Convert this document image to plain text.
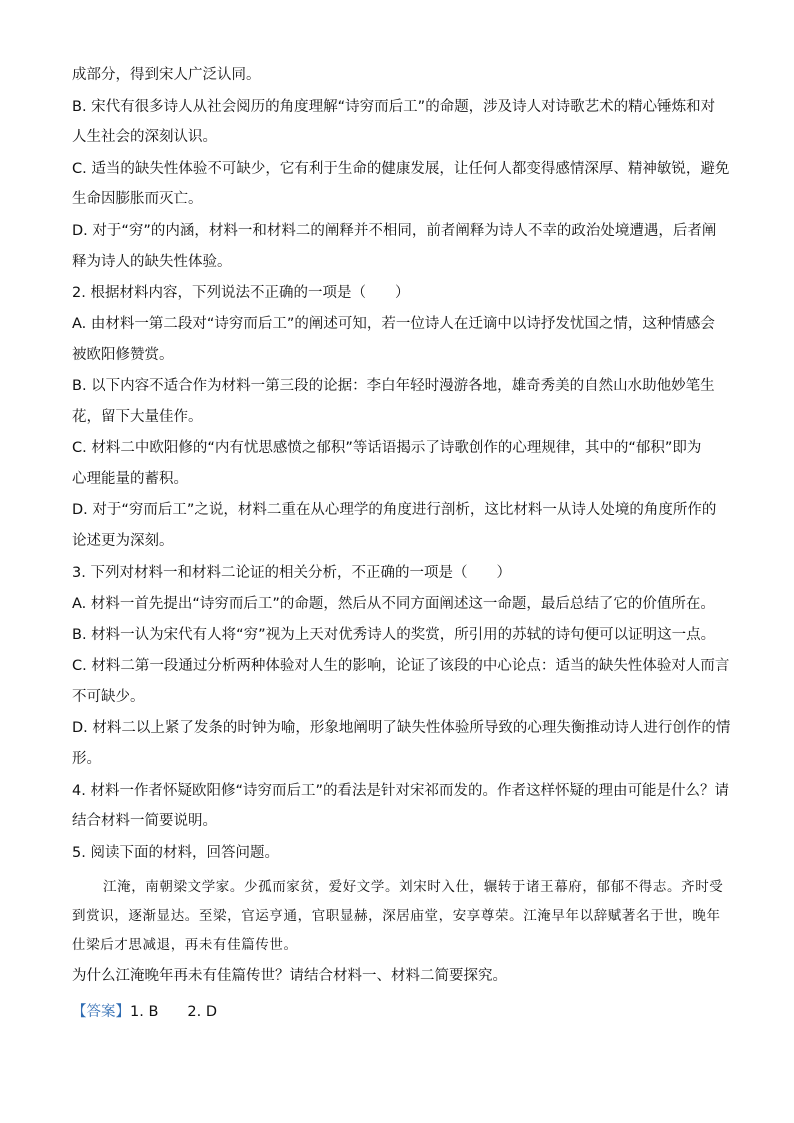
成部分，得到宋人广泛认同。
B. 宋代有很多诗人从社会阅历的角度理解“诗穷而后工”的命题，涉及诗人对诗歌艺术的精心锤炼和对
人生社会的深刻认识。
C. 适当的缺失性体验不可缺少，它有利于生命的健康发展，让任何人都变得感情深厚、精神敏锐，避免
生命因膨胀而灭亡。
D. 对于“穷”的内涵，材料一和材料二的阐释并不相同，前者阐释为诗人不幸的政治处境遭遇，后者阐
释为诗人的缺失性体验。
2. 根据材料内容，下列说法不正确的一项是（　　）
A. 由材料一第二段对“诗穷而后工”的阐述可知，若一位诗人在迁谪中以诗抒发忧国之情，这种情感会
被欧阳修赞赏。
B. 以下内容不适合作为材料一第三段的论据：李白年轻时漫游各地，雄奇秀美的自然山水助他妙笔生
花，留下大量佳作。
C. 材料二中欧阳修的“内有忧思感愤之郁积”等话语揭示了诗歌创作的心理规律，其中的“郁积”即为
心理能量的蓄积。
D. 对于“穷而后工”之说，材料二重在从心理学的角度进行剖析，这比材料一从诗人处境的角度所作的
论述更为深刻。
3. 下列对材料一和材料二论证的相关分析，不正确的一项是（　　）
A. 材料一首先提出“诗穷而后工”的命题，然后从不同方面阐述这一命题，最后总结了它的价值所在。
B. 材料一认为宋代有人将“穷”视为上天对优秀诗人的奖赏，所引用的苏轼的诗句便可以证明这一点。
C. 材料二第一段通过分析两种体验对人生的影响，论证了该段的中心论点：适当的缺失性体验对人而言
不可缺少。
D. 材料二以上紧了发条的时钟为喻，形象地阐明了缺失性体验所导致的心理失衡推动诗人进行创作的情
形。
4. 材料一作者怀疑欧阳修“诗穷而后工”的看法是针对宋祁而发的。作者这样怀疑的理由可能是什么？请
结合材料一简要说明。
5. 阅读下面的材料，回答问题。
江淹，南朝梁文学家。少孤而家贫，爱好文学。刘宋时入仕，辗转于诸王幕府，郁郁不得志。齐时受
到赏识，逐渐显达。至梁，官运亨通，官职显赫，深居庙堂，安享尊荣。江淹早年以辞赋著名于世，晚年
仕梁后才思减退，再未有佳篇传世。
为什么江淹晚年再未有佳篇传世？请结合材料一、材料二简要探究。
【答案】1. B　　2. D
